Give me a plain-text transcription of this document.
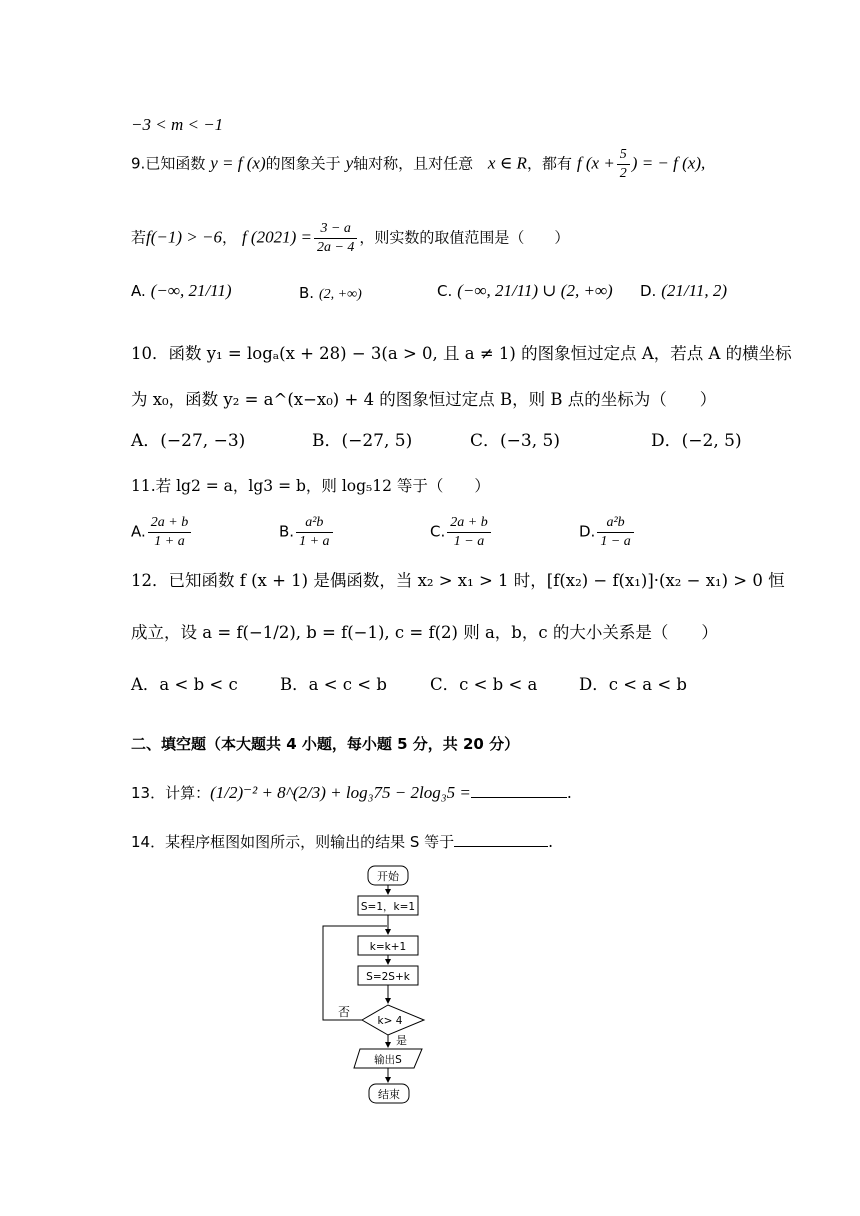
−3 < m < −1
9.已知函数 y = f (x)的图象关于 y轴对称，且对任意 x ∈ R，都有 f ($x + \frac{5}{2}$ ) = − f (x),
若f(−1) > −6， f $(2021) = \frac{3 - a}{2a - 4}$ ，则实数的取值范围是（　　）
A. (−∞, 21/11)	B. (2, +∞)	C. (−∞, 21/11) ∪ (2, +∞) D. (21/11, 2)
10．函数 y₁ = logₐ(x + 28) − 3(a > 0, 且 a ≠ 1) 的图象恒过定点 A，若点 A 的横坐标
为 x₀，函数 y₂ = a^(x−x₀) + 4 的图象恒过定点 B，则 B 点的坐标为（　　）
A．(−27, −3)	B．(−27, 5)	C．(−3, 5)	D．(−2, 5)
11.若 lg2 = a，lg3 = b，则 log₅12 等于（　　）
A. $\frac{2a + b}{1 + a}$	B. $\frac{\text{a²b}}{1 + a}$	C. $\frac{2a + b}{1 - a}$	D. $\frac{\text{a²b}}{1 - a}$
12．已知函数 f (x + 1) 是偶函数，当 x₂ > x₁ > 1 时，[f(x₂) − f(x₁)]·(x₂ − x₁) > 0 恒
成立，设 a = f(−1/2), b = f(−1), c = f(2) 则 a，b，c 的大小关系是（　　）
A．a < b < c	B．a < c < b	C．c < b < a	D．c < a < b
二、填空题（本大题共 4 小题，每小题 5 分，共 20 分）
13．计算：(1/2)⁻² + 8^(2/3) + log₃75 − 2log₃5 =	.
14．某程序框图如图所示，则输出的结果 S 等于	.
开始
S=1，k=1
k=k+1
S=2S+k
k> 4
否
是
输出S
结束
